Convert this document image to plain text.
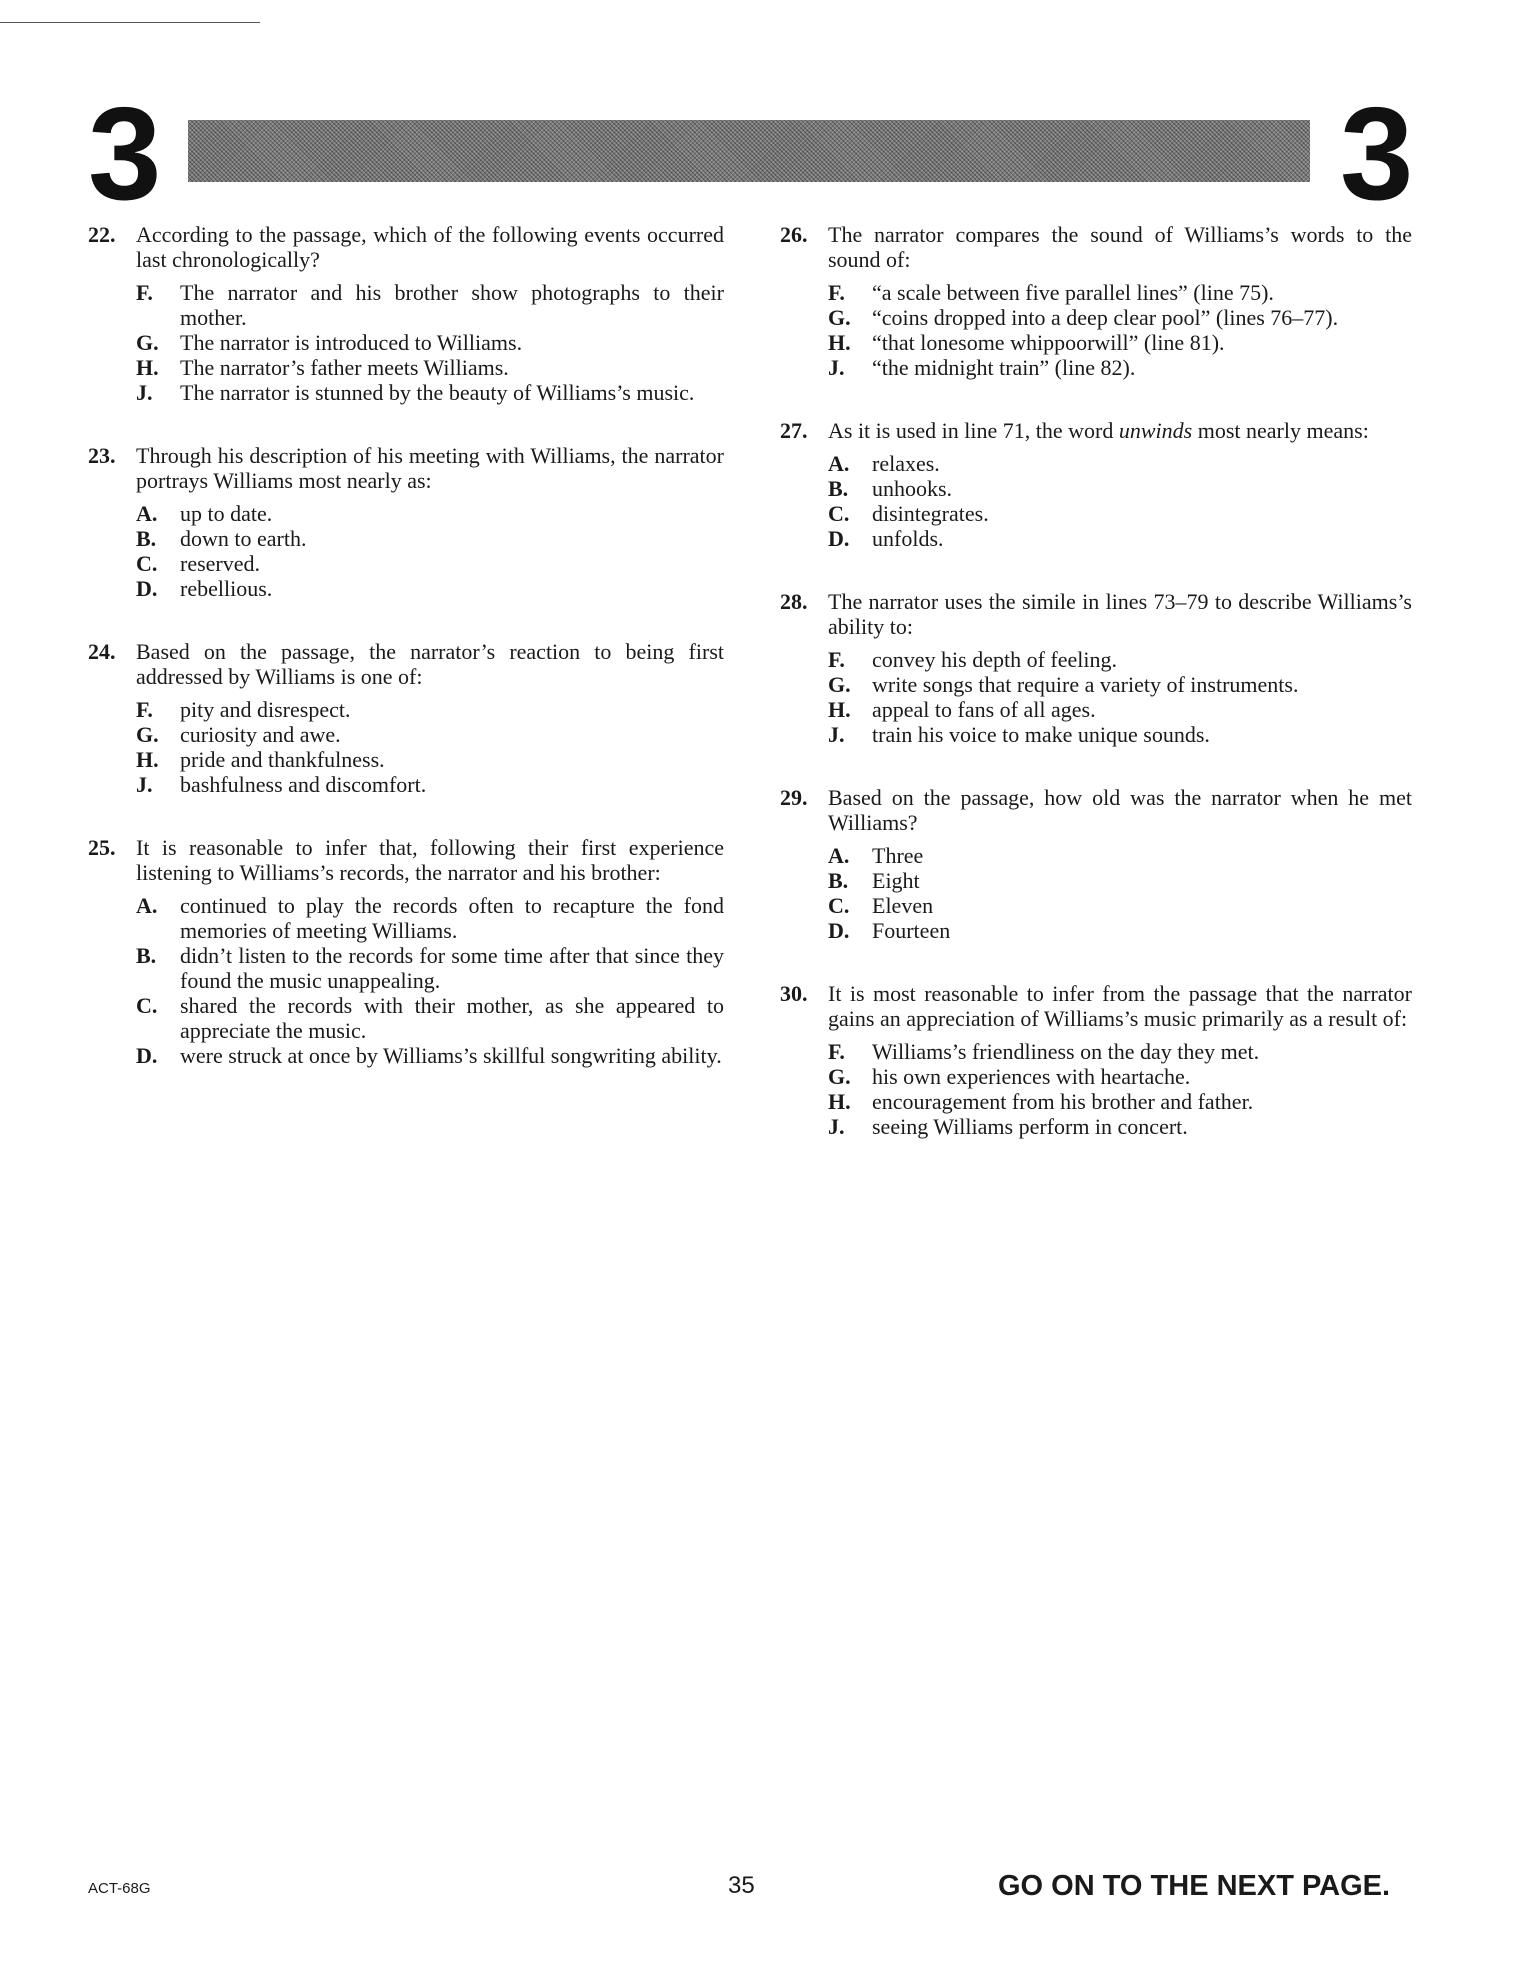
3	3
22. According to the passage, which of the following events occurred last chronologically?
F. The narrator and his brother show photographs to their mother.
G. The narrator is introduced to Williams.
H. The narrator’s father meets Williams.
J. The narrator is stunned by the beauty of Williams’s music.
23. Through his description of his meeting with Williams, the narrator portrays Williams most nearly as:
A. up to date.
B. down to earth.
C. reserved.
D. rebellious.
24. Based on the passage, the narrator’s reaction to being first addressed by Williams is one of:
F. pity and disrespect.
G. curiosity and awe.
H. pride and thankfulness.
J. bashfulness and discomfort.
25. It is reasonable to infer that, following their first experience listening to Williams’s records, the narrator and his brother:
A. continued to play the records often to recapture the fond memories of meeting Williams.
B. didn’t listen to the records for some time after that since they found the music unappealing.
C. shared the records with their mother, as she appeared to appreciate the music.
D. were struck at once by Williams’s skillful songwriting ability.
26. The narrator compares the sound of Williams’s words to the sound of:
F. “a scale between five parallel lines” (line 75).
G. “coins dropped into a deep clear pool” (lines 76–77).
H. “that lonesome whippoorwill” (line 81).
J. “the midnight train” (line 82).
27. As it is used in line 71, the word unwinds most nearly means:
A. relaxes.
B. unhooks.
C. disintegrates.
D. unfolds.
28. The narrator uses the simile in lines 73–79 to describe Williams’s ability to:
F. convey his depth of feeling.
G. write songs that require a variety of instruments.
H. appeal to fans of all ages.
J. train his voice to make unique sounds.
29. Based on the passage, how old was the narrator when he met Williams?
A. Three
B. Eight
C. Eleven
D. Fourteen
30. It is most reasonable to infer from the passage that the narrator gains an appreciation of Williams’s music primarily as a result of:
F. Williams’s friendliness on the day they met.
G. his own experiences with heartache.
H. encouragement from his brother and father.
J. seeing Williams perform in concert.
ACT-68G	35	GO ON TO THE NEXT PAGE.
